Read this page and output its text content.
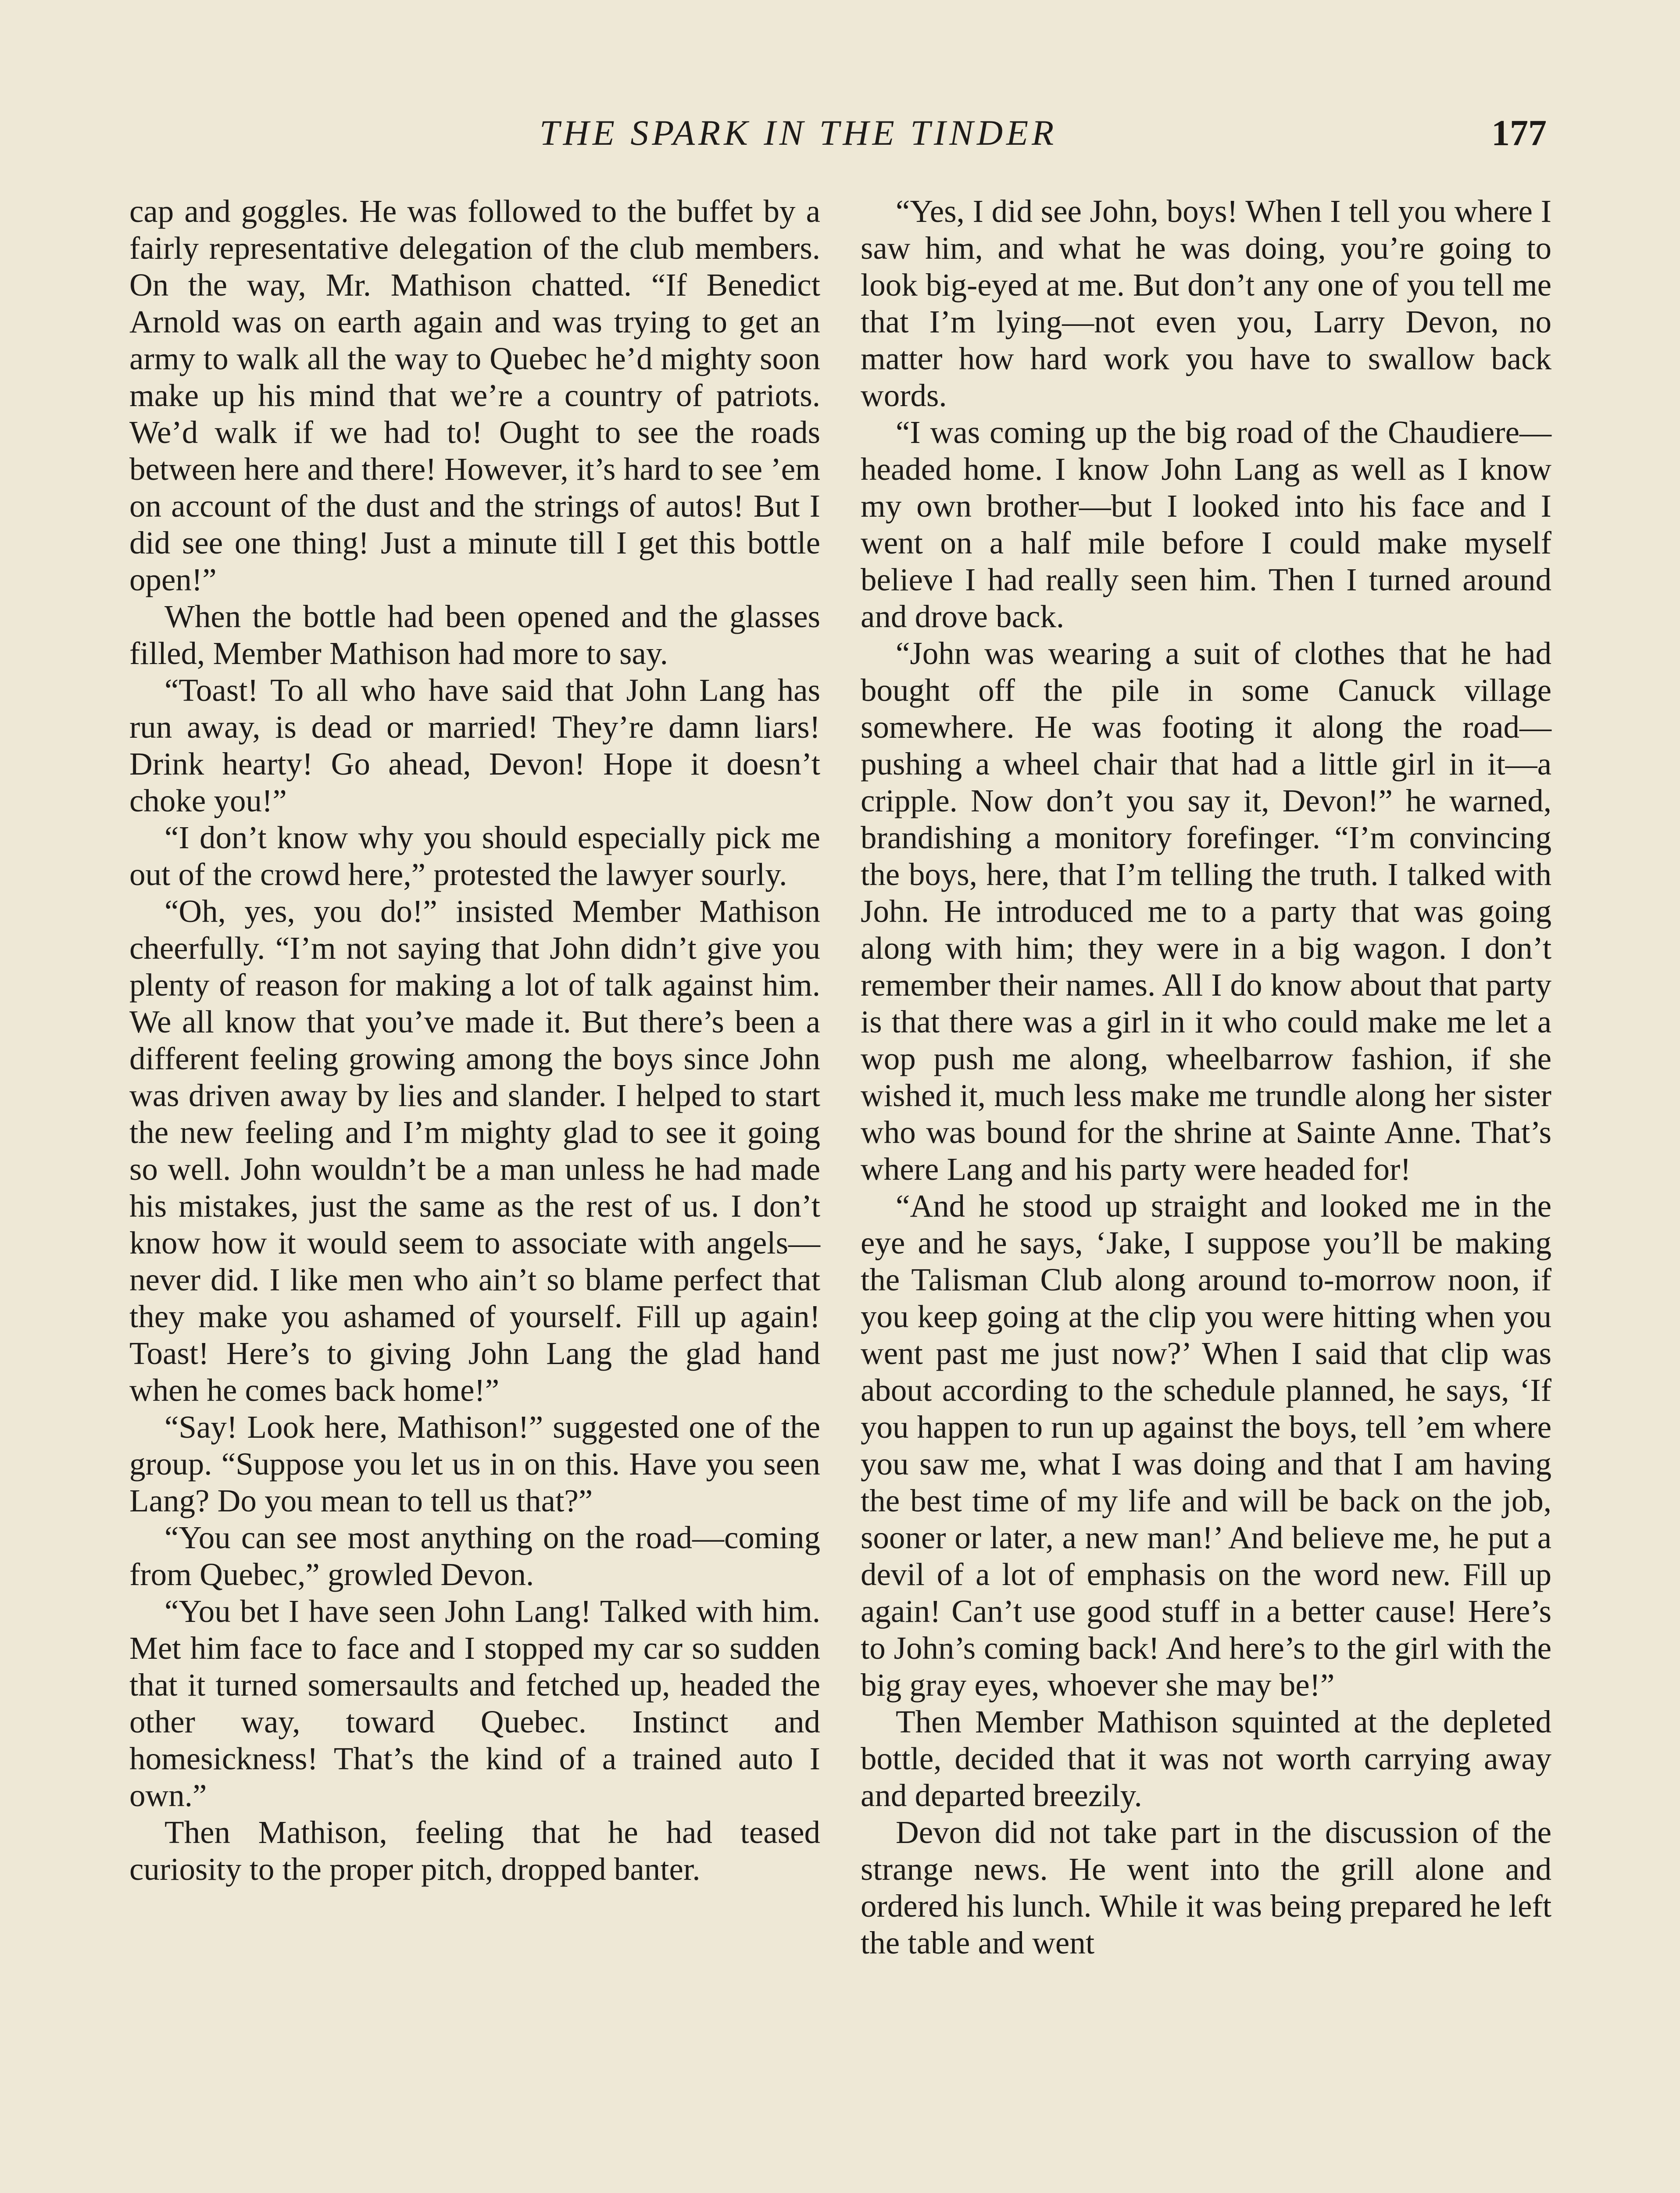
THE SPARK IN THE TINDER	177

cap and goggles. He was followed to the buffet by a fairly representative delegation of the club members. On the way, Mr. Mathison chatted. “If Benedict Arnold was on earth again and was trying to get an army to walk all the way to Quebec he’d mighty soon make up his mind that we’re a country of patriots. We’d walk if we had to! Ought to see the roads between here and there! However, it’s hard to see ’em on account of the dust and the strings of autos! But I did see one thing! Just a minute till I get this bottle open!”

When the bottle had been opened and the glasses filled, Member Mathison had more to say.

“Toast! To all who have said that John Lang has run away, is dead or married! They’re damn liars! Drink hearty! Go ahead, Devon! Hope it doesn’t choke you!”

“I don’t know why you should especially pick me out of the crowd here,” protested the lawyer sourly.

“Oh, yes, you do!” insisted Member Mathison cheerfully. “I’m not saying that John didn’t give you plenty of reason for making a lot of talk against him. We all know that you’ve made it. But there’s been a different feeling growing among the boys since John was driven away by lies and slander. I helped to start the new feeling and I’m mighty glad to see it going so well. John wouldn’t be a man unless he had made his mistakes, just the same as the rest of us. I don’t know how it would seem to associate with angels—never did. I like men who ain’t so blame perfect that they make you ashamed of yourself. Fill up again! Toast! Here’s to giving John Lang the glad hand when he comes back home!”

“Say! Look here, Mathison!” suggested one of the group. “Suppose you let us in on this. Have you seen Lang? Do you mean to tell us that?”

“You can see most anything on the road—coming from Quebec,” growled Devon.

“You bet I have seen John Lang! Talked with him. Met him face to face and I stopped my car so sudden that it turned somersaults and fetched up, headed the other way, toward Quebec. Instinct and homesickness! That’s the kind of a trained auto I own.”

Then Mathison, feeling that he had teased curiosity to the proper pitch, dropped banter.

“Yes, I did see John, boys! When I tell you where I saw him, and what he was doing, you’re going to look big-eyed at me. But don’t any one of you tell me that I’m lying—not even you, Larry Devon, no matter how hard work you have to swallow back words.

“I was coming up the big road of the Chaudiere—headed home. I know John Lang as well as I know my own brother—but I looked into his face and I went on a half mile before I could make myself believe I had really seen him. Then I turned around and drove back.

“John was wearing a suit of clothes that he had bought off the pile in some Canuck village somewhere. He was footing it along the road—pushing a wheel chair that had a little girl in it—a cripple. Now don’t you say it, Devon!” he warned, brandishing a monitory forefinger. “I’m convincing the boys, here, that I’m telling the truth. I talked with John. He introduced me to a party that was going along with him; they were in a big wagon. I don’t remember their names. All I do know about that party is that there was a girl in it who could make me let a wop push me along, wheelbarrow fashion, if she wished it, much less make me trundle along her sister who was bound for the shrine at Sainte Anne. That’s where Lang and his party were headed for!

“And he stood up straight and looked me in the eye and he says, ‘Jake, I suppose you’ll be making the Talisman Club along around to-morrow noon, if you keep going at the clip you were hitting when you went past me just now?’ When I said that clip was about according to the schedule planned, he says, ‘If you happen to run up against the boys, tell ’em where you saw me, what I was doing and that I am having the best time of my life and will be back on the job, sooner or later, a new man!’ And believe me, he put a devil of a lot of emphasis on the word new. Fill up again! Can’t use good stuff in a better cause! Here’s to John’s coming back! And here’s to the girl with the big gray eyes, whoever she may be!”

Then Member Mathison squinted at the depleted bottle, decided that it was not worth carrying away and departed breezily.

Devon did not take part in the discussion of the strange news. He went into the grill alone and ordered his lunch. While it was being prepared he left the table and went
